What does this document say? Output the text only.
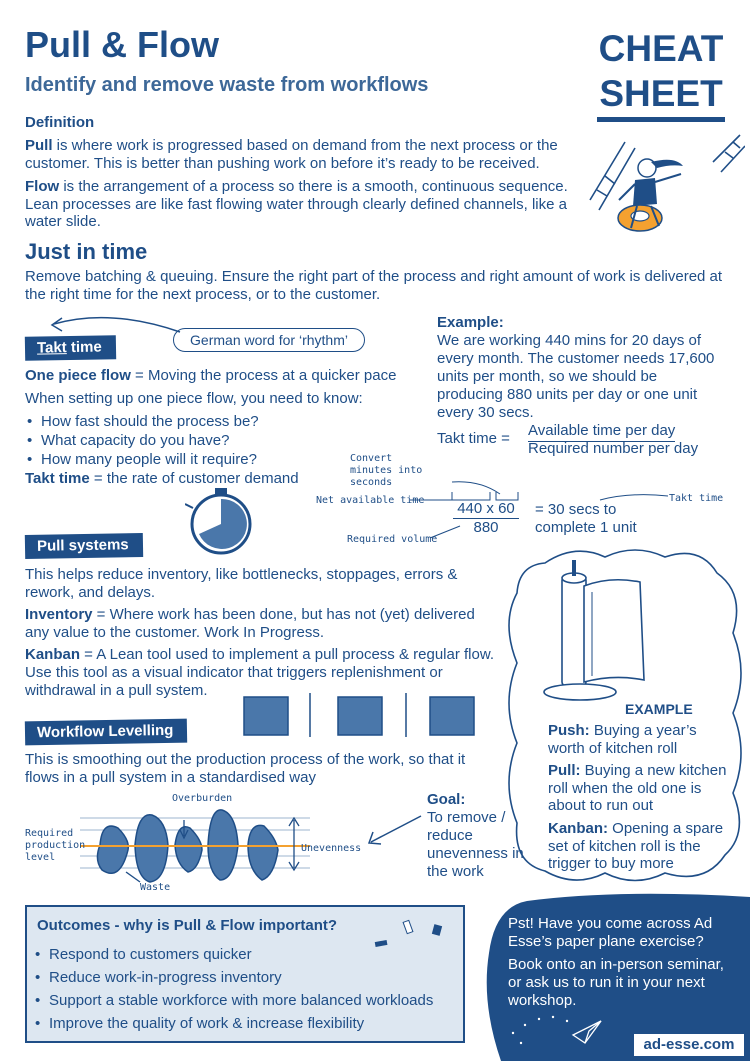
Pull & Flow
Identify and remove waste from workflows
CHEAT
SHEET
Definition
Pull is where work is progressed based on demand from the next process or the customer. This is better than pushing work on before it’s ready to be received.
Flow is the arrangement of a process so there is a smooth, continuous sequence. Lean processes are like fast flowing water through clearly defined channels, like a water slide.
Just in time
Remove batching & queuing. Ensure the right part of the process and right amount of work is delivered at the right time for the next process, or to the customer.
German word for ‘rhythm’
Takt time
One piece flow = Moving the process at a quicker pace
When setting up one piece flow, you need to know:
• How fast should the process be?
• What capacity do you have?
• How many people will it require?
Takt time = the rate of customer demand
Example:
We are working 440 mins for 20 days of every month. The customer needs 17,600 units per month, so we should be producing 880 units per day or one unit every 30 secs.
Takt time = Available time per day
Required number per day
Convert minutes into seconds
Net available time
Required volume
Takt time
440 x 60
880
= 30 secs to
complete 1 unit
Pull systems
This helps reduce inventory, like bottlenecks, stoppages, errors & rework, and delays.
Inventory = Where work has been done, but has not (yet) delivered any value to the customer. Work In Progress.
Kanban = A Lean tool used to implement a pull process & regular flow. Use this tool as a visual indicator that triggers replenishment or withdrawal in a pull system.
EXAMPLE
Push: Buying a year’s worth of kitchen roll
Pull: Buying a new kitchen roll when the old one is about to run out
Kanban: Opening a spare set of kitchen roll is the trigger to buy more
Workflow Levelling
This is smoothing out the production process of the work, so that it flows in a pull system in a standardised way
Overburden
Required production level
Waste
Unevenness
Goal:
To remove / reduce unevenness in the work
Outcomes - why is Pull & Flow important?
• Respond to customers quicker
• Reduce work-in-progress inventory
• Support a stable workforce with more balanced workloads
• Improve the quality of work & increase flexibility
Pst! Have you come across Ad Esse’s paper plane exercise?
Book onto an in-person seminar, or ask us to run it in your next workshop.
ad-esse.com
